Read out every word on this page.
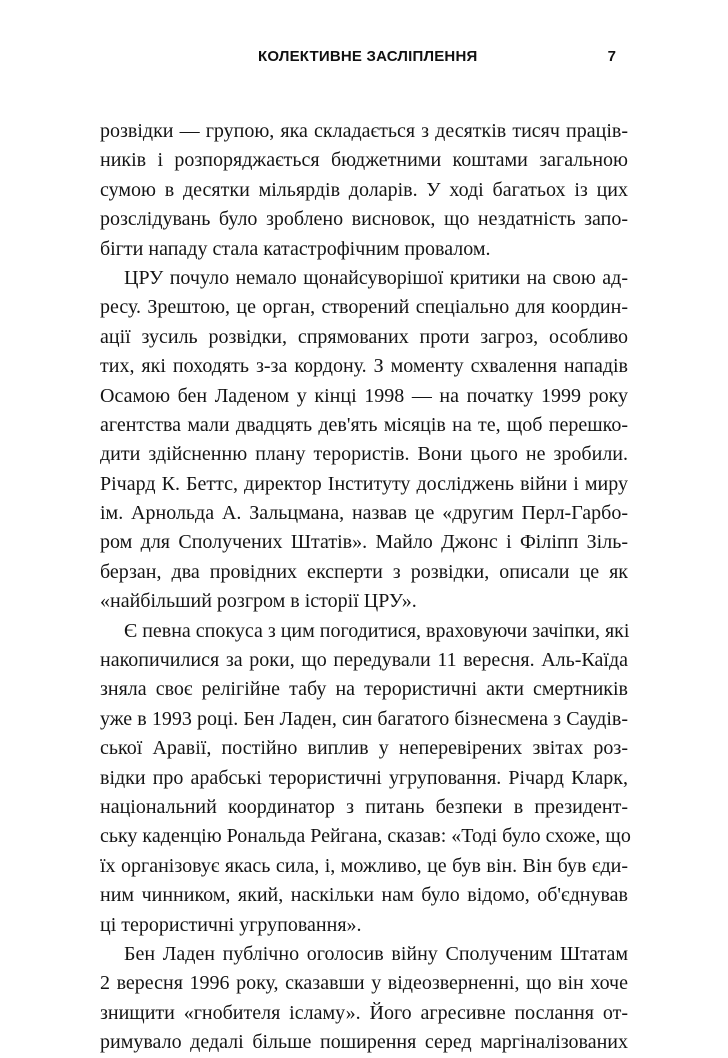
КОЛЕКТИВНЕ ЗАСЛІПЛЕННЯ	7
розвідки — групою, яка складається з десятків тисяч працiв-
ників і розпоряджається бюджетними коштами загальною
сумою в десятки мільярдів доларів. У ході багатьох із цих
розслідувань було зроблено висновок, що нездатність запо-
бігти нападу стала катастрофічним провалом.
ЦРУ почуло немало щонайсуворішої критики на свою ад-
ресу. Зрештою, це орган, створений спеціально для координ-
ації зусиль розвідки, спрямованих проти загроз, особливо
тих, які походять з-за кордону. З моменту схвалення нападів
Осамою бен Ладеном у кінці 1998 — на початку 1999 року
агентства мали двадцять дев'ять місяців на те, щоб перешко-
дити здійсненню плану терористів. Вони цього не зробили.
Річард К. Беттс, директор Інституту досліджень війни і миру
ім. Арнольда А. Зальцмана, назвав це «другим Перл-Гарбо-
ром для Сполучених Штатів». Майло Джонс і Філіпп Зіль-
берзан, два провідних експерти з розвідки, описали це як
«найбільший розгром в історії ЦРУ».
Є певна спокуса з цим погодитися, враховуючи зачіпки, які
накопичилися за роки, що передували 11 вересня. Аль-Каїда
зняла своє релігійне табу на терористичні акти смертників
уже в 1993 році. Бен Ладен, син багатого бізнесмена з Саудів-
ської Аравії, постійно виплив у неперевірених звітах роз-
відки про арабські терористичні угруповання. Річард Кларк,
національний координатор з питань безпеки в президент-
ську каденцію Рональда Рейгана, сказав: «Тоді було схоже, що
їх організовує якась сила, і, можливо, це був він. Він був єди-
ним чинником, який, наскільки нам було відомо, об'єднував
ці терористичні угруповання».
Бен Ладен публічно оголосив війну Сполученим Штатам
2 вересня 1996 року, сказавши у відеозверненні, що він хоче
знищити «гнобителя ісламу». Його агресивне послання от-
римувало дедалі більше поширення серед маргіналізованих
